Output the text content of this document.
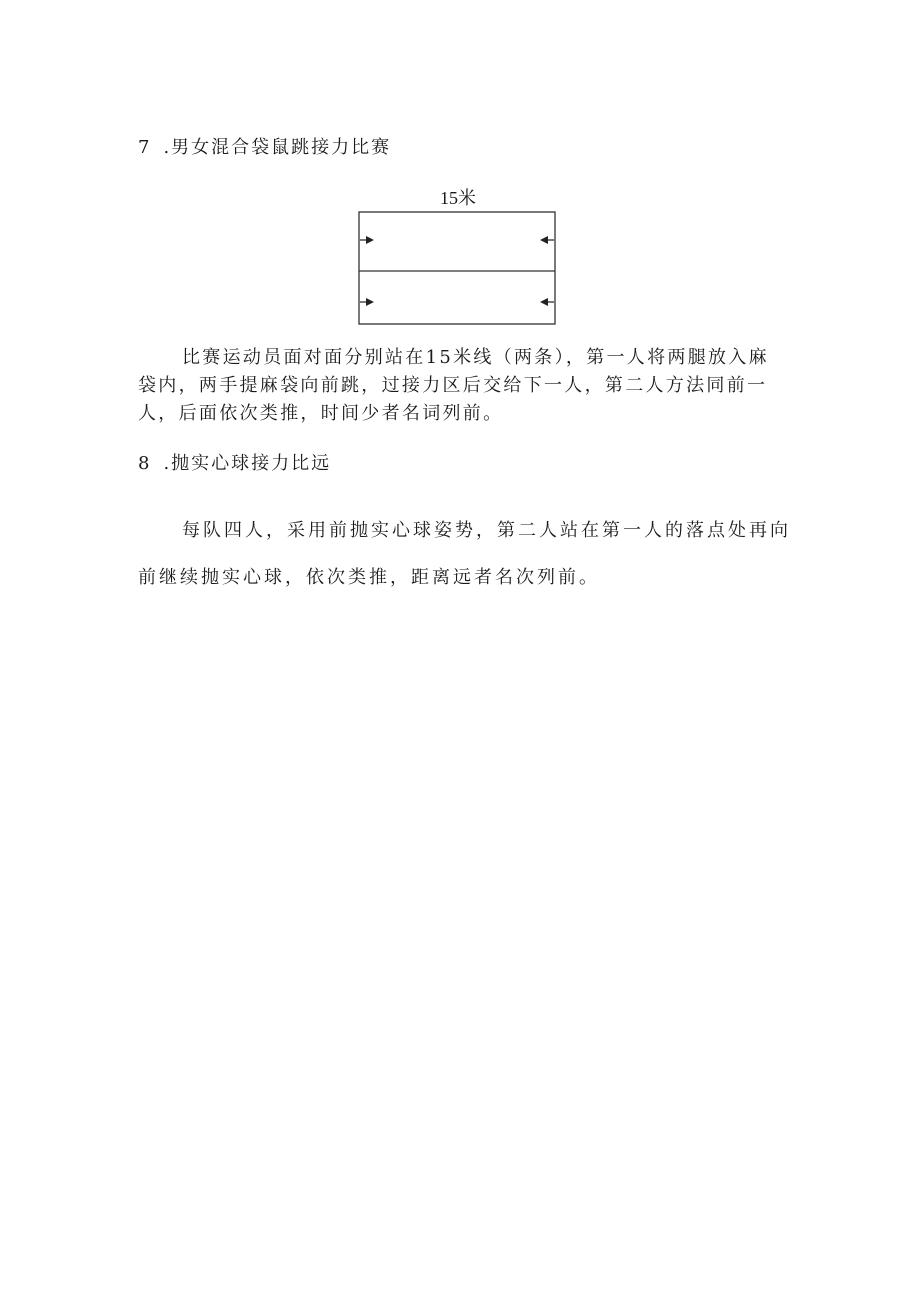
7 .男女混合袋鼠跳接力比赛
15米
比赛运动员面对面分别站在15米线（两条），第一人将两腿放入麻
袋内，两手提麻袋向前跳，过接力区后交给下一人，第二人方法同前一
人，后面依次类推，时间少者名词列前。
8 .抛实心球接力比远
每队四人，采用前抛实心球姿势，第二人站在第一人的落点处再向
前继续抛实心球，依次类推，距离远者名次列前。
